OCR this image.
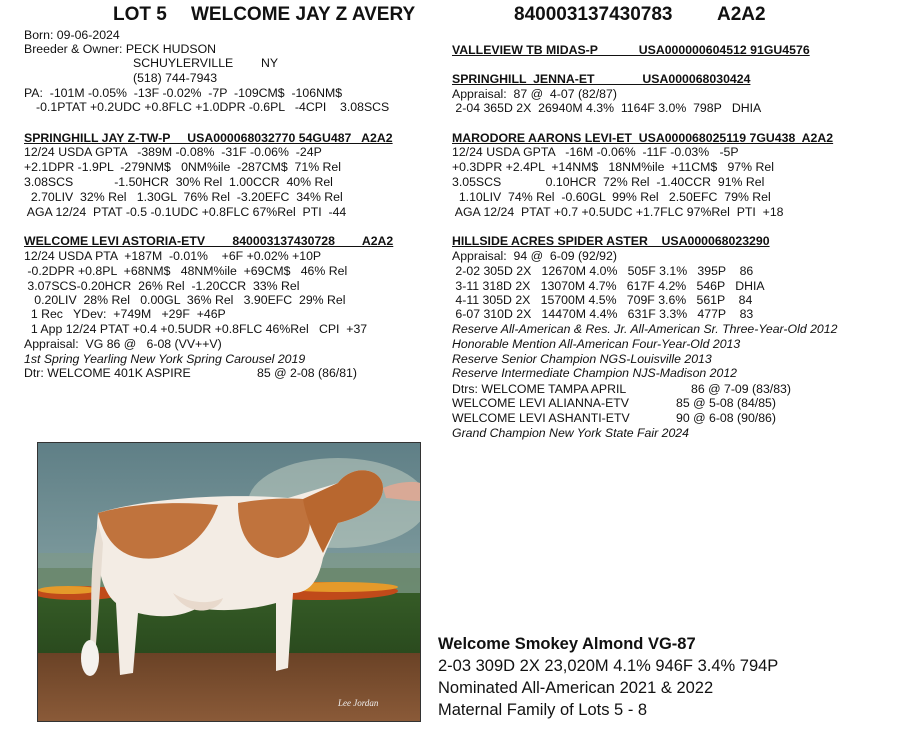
LOT 5 WELCOME JAY Z AVERY	840003137430783 A2A2
Born: 09-06-2024
Breeder & Owner: PECK HUDSON
SCHUYLERVILLE NY
(518) 744-7943
PA:  -101M -0.05%  -13F -0.02%  -7P  -109CM$  -106NM$
-0.1PTAT +0.2UDC +0.8FLC +1.0DPR -0.6PL   -4CPI    3.08SCS
SPRINGHILL JAY Z-TW-P     USA000068032770 54GU487   A2A2
12/24 USDA GPTA   -389M -0.08%  -31F -0.06%  -24P
+2.1DPR -1.9PL  -279NM$   0NM%ile  -287CM$  71% Rel
3.08SCS            -1.50HCR  30% Rel  1.00CCR  40% Rel
2.70LIV  32% Rel   1.30GL  76% Rel  -3.20EFC  34% Rel
AGA 12/24  PTAT -0.5 -0.1UDC +0.8FLC 67%Rel  PTI  -44
WELCOME LEVI ASTORIA-ETV        840003137430728        A2A2
12/24 USDA PTA  +187M  -0.01%    +6F +0.02% +10P
-0.2DPR +0.8PL  +68NM$   48NM%ile  +69CM$   46% Rel
3.07SCS-0.20HCR  26% Rel  -1.20CCR  33% Rel
0.20LIV  28% Rel   0.00GL  36% Rel   3.90EFC  29% Rel
1 Rec   YDev:  +749M   +29F  +46P
1 App 12/24 PTAT +0.4 +0.5UDR +0.8FLC 46%Rel   CPI  +37
Appraisal:  VG 86 @   6-08 (VV++V)
1st Spring Yearling New York Spring Carousel 2019
Dtr: WELCOME 401K ASPIRE	85 @ 2-08 (86/81)
VALLEVIEW TB MIDAS-P            USA000000604512 91GU4576
SPRINGHILL  JENNA-ET              USA000068030424
Appraisal:  87 @  4-07 (82/87)
2-04 365D 2X  26940M 4.3%  1164F 3.0%  798P   DHIA
MARODORE AARONS LEVI-ET  USA000068025119 7GU438  A2A2
12/24 USDA GPTA   -16M -0.06%  -11F -0.03%   -5P
+0.3DPR +2.4PL  +14NM$   18NM%ile  +11CM$   97% Rel
3.05SCS             0.10HCR  72% Rel  -1.40CCR  91% Rel
1.10LIV  74% Rel  -0.60GL  99% Rel   2.50EFC  79% Rel
AGA 12/24  PTAT +0.7 +0.5UDC +1.7FLC 97%Rel  PTI  +18
HILLSIDE ACRES SPIDER ASTER    USA000068023290
Appraisal:  94 @  6-09 (92/92)
2-02 305D 2X   12670M 4.0%   505F 3.1%   395P    86
3-11 318D 2X   13070M 4.7%   617F 4.2%   546P   DHIA
4-11 305D 2X   15700M 4.5%   709F 3.6%   561P    84
6-07 310D 2X   14470M 4.4%   631F 3.3%   477P    83
Reserve All-American & Res. Jr. All-American Sr. Three-Year-Old 2012
Honorable Mention All-American Four-Year-Old 2013
Reserve Senior Champion NGS-Louisville 2013
Reserve Intermediate Champion NJS-Madison 2012
Dtrs: WELCOME TAMPA APRIL	86 @ 7-09 (83/83)
WELCOME LEVI ALIANNA-ETV	85 @ 5-08 (84/85)
WELCOME LEVI ASHANTI-ETV	90 @ 6-08 (90/86)
Grand Champion New York State Fair 2024
Lee Jordan
Welcome Smokey Almond VG-87
2-03 309D 2X 23,020M 4.1% 946F 3.4% 794P
Nominated All-American 2021 & 2022
Maternal Family of Lots 5 - 8
